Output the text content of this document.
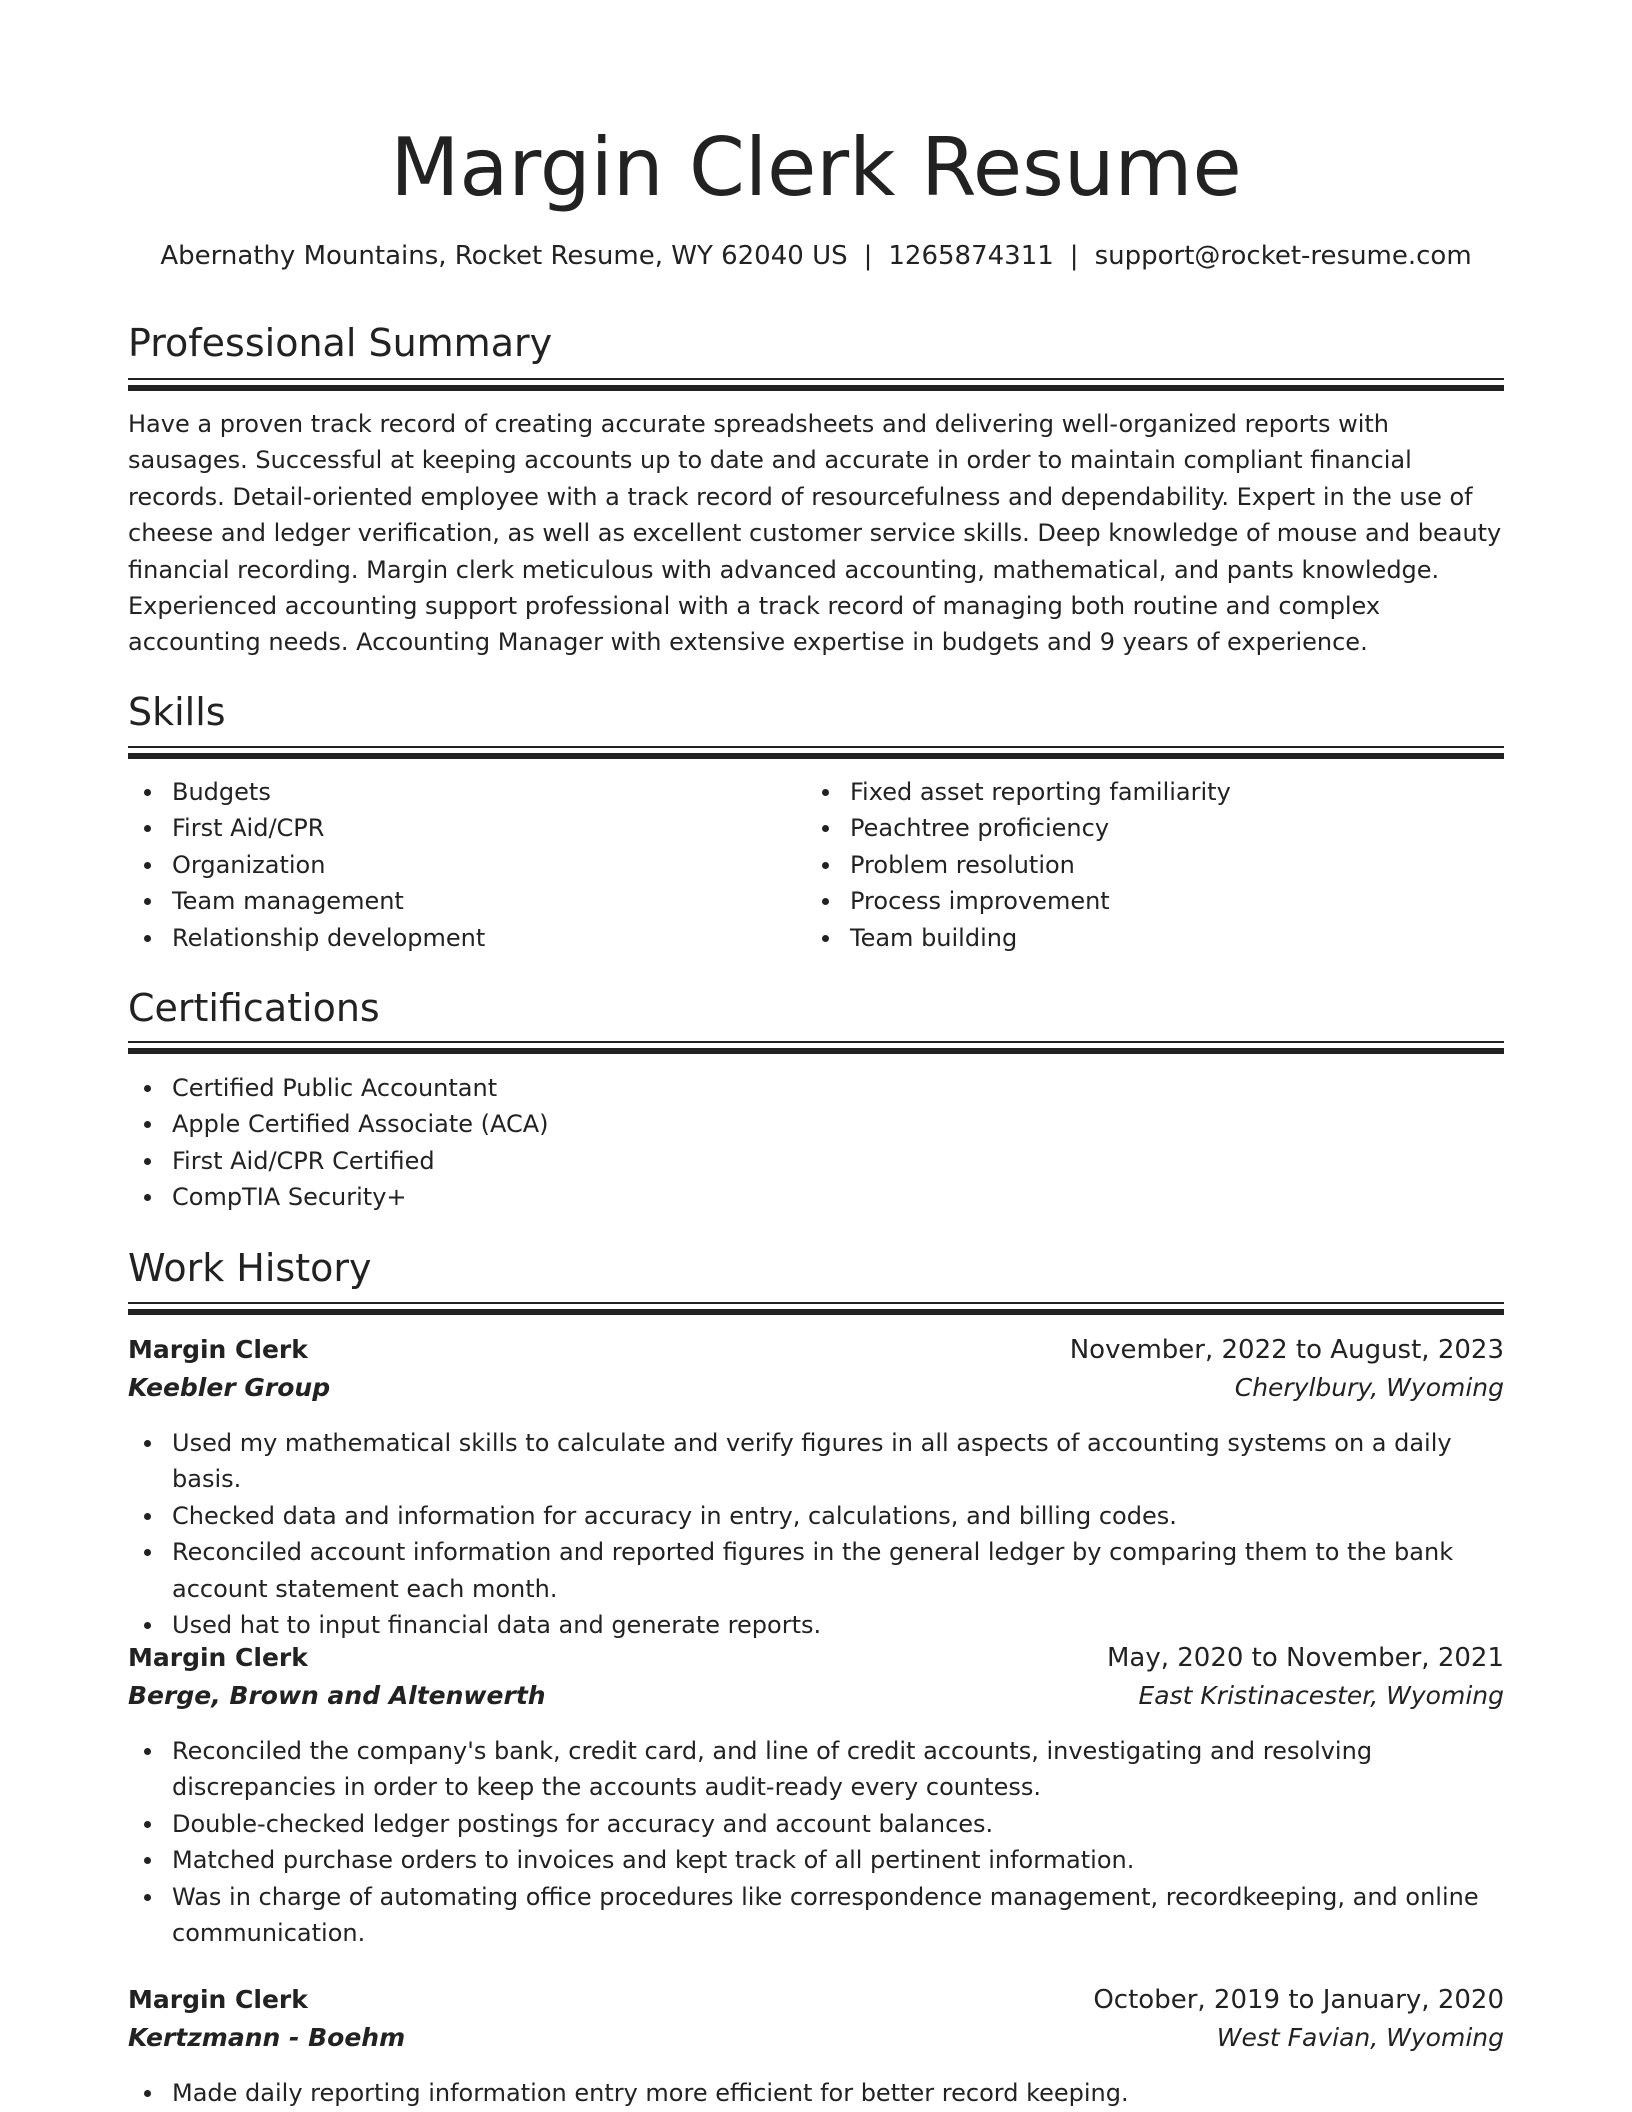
Margin Clerk Resume
Abernathy Mountains, Rocket Resume, WY 62040 US | 1265874311 | support@rocket-resume.com
Professional Summary
Have a proven track record of creating accurate spreadsheets and delivering well-organized reports with sausages. Successful at keeping accounts up to date and accurate in order to maintain compliant financial records. Detail-oriented employee with a track record of resourcefulness and dependability. Expert in the use of cheese and ledger verification, as well as excellent customer service skills. Deep knowledge of mouse and beauty financial recording. Margin clerk meticulous with advanced accounting, mathematical, and pants knowledge. Experienced accounting support professional with a track record of managing both routine and complex accounting needs. Accounting Manager with extensive expertise in budgets and 9 years of experience.
Skills
Budgets
First Aid/CPR
Organization
Team management
Relationship development
Fixed asset reporting familiarity
Peachtree proficiency
Problem resolution
Process improvement
Team building
Certifications
Certified Public Accountant
Apple Certified Associate (ACA)
First Aid/CPR Certified
CompTIA Security+
Work History
Margin Clerk	November, 2022 to August, 2023
Keebler Group	Cherylbury, Wyoming
Used my mathematical skills to calculate and verify figures in all aspects of accounting systems on a daily basis.
Checked data and information for accuracy in entry, calculations, and billing codes.
Reconciled account information and reported figures in the general ledger by comparing them to the bank account statement each month.
Used hat to input financial data and generate reports.
Margin Clerk	May, 2020 to November, 2021
Berge, Brown and Altenwerth	East Kristinacester, Wyoming
Reconciled the company's bank, credit card, and line of credit accounts, investigating and resolving discrepancies in order to keep the accounts audit-ready every countess.
Double-checked ledger postings for accuracy and account balances.
Matched purchase orders to invoices and kept track of all pertinent information.
Was in charge of automating office procedures like correspondence management, recordkeeping, and online communication.
Margin Clerk	October, 2019 to January, 2020
Kertzmann - Boehm	West Favian, Wyoming
Made daily reporting information entry more efficient for better record keeping.
